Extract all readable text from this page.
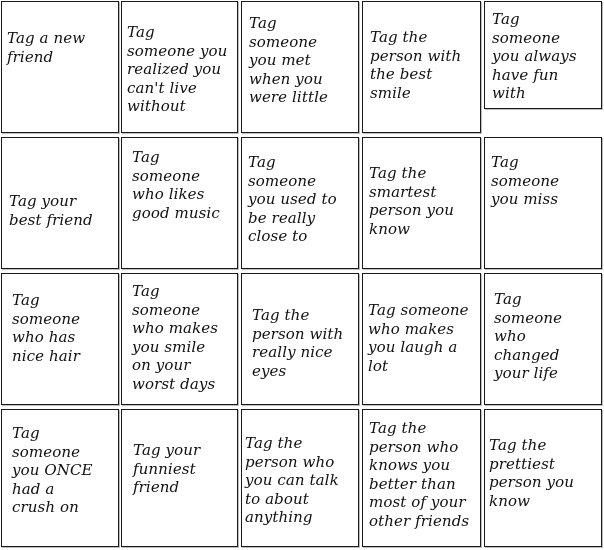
Tag a new
friend
Tag
someone you
realized you
can't live
without
Tag
someone
you met
when you
were little
Tag the
person with
the best
smile
Tag
someone
you always
have fun
with
Tag your
best friend
Tag
someone
who likes
good music
Tag
someone
you used to
be really
close to
Tag the
smartest
person you
know
Tag
someone
you miss
Tag
someone
who has
nice hair
Tag
someone
who makes
you smile
on your
worst days
Tag the
person with
really nice
eyes
Tag someone
who makes
you laugh a
lot
Tag
someone
who
changed
your life
Tag
someone
you ONCE
had a
crush on
Tag your
funniest
friend
Tag the
person who
you can talk
to about
anything
Tag the
person who
knows you
better than
most of your
other friends
Tag the
prettiest
person you
know
